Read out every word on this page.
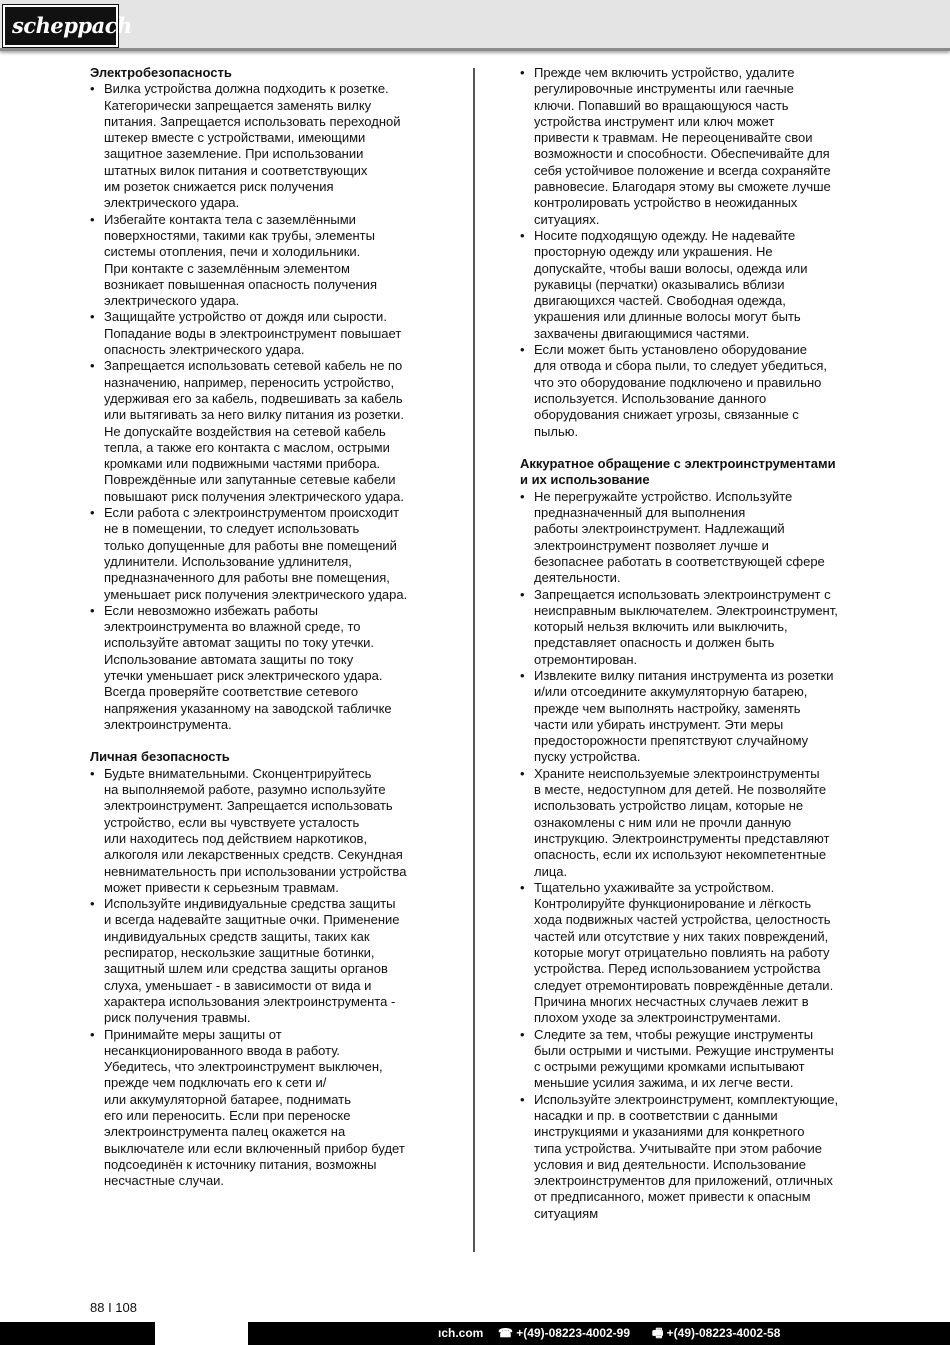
scheppach

Электробезопасность

• Вилка устройства должна подходить к розетке.
Категорически запрещается заменять вилку
питания. Запрещается использовать переходной
штекер вместе с устройствами, имеющими
защитное заземление. При использовании
штатных вилок питания и соответствующих
им розеток снижается риск получения
электрического удара.
• Избегайте контакта тела с заземлёнными
поверхностями, такими как трубы, элементы
системы отопления, печи и холодильники.
При контакте с заземлённым элементом
возникает повышенная опасность получения
электрического удара.
• Защищайте устройство от дождя или сырости.
Попадание воды в электроинструмент повышает
опасность электрического удара.
• Запрещается использовать сетевой кабель не по
назначению, например, переносить устройство,
удерживая его за кабель, подвешивать за кабель
или вытягивать за него вилку питания из розетки.
Не допускайте воздействия на сетевой кабель
тепла, а также его контакта с маслом, острыми
кромками или подвижными частями прибора.
Повреждённые или запутанные сетевые кабели
повышают риск получения электрического удара.
• Если работа с электроинструментом происходит
не в помещении, то следует использовать
только допущенные для работы вне помещений
удлинители. Использование удлинителя,
предназначенного для работы вне помещения,
уменьшает риск получения электрического удара.
• Если невозможно избежать работы
электроинструмента во влажной среде, то
используйте автомат защиты по току утечки.
Использование автомата защиты по току
утечки уменьшает риск электрического удара.
Всегда проверяйте соответствие сетевого
напряжения указанному на заводской табличке
электроинструмента.

Личная безопасность

• Будьте внимательными. Сконцентрируйтесь
на выполняемой работе, разумно используйте
электроинструмент. Запрещается использовать
устройство, если вы чувствуете усталость
или находитесь под действием наркотиков,
алкоголя или лекарственных средств. Секундная
невнимательность при использовании устройства
может привести к серьезным травмам.
• Используйте индивидуальные средства защиты
и всегда надевайте защитные очки. Применение
индивидуальных средств защиты, таких как
респиратор, нескользкие защитные ботинки,
защитный шлем или средства защиты органов
слуха, уменьшает - в зависимости от вида и
характера использования электроинструмента -
риск получения травмы.
• Принимайте меры защиты от
несанкционированного ввода в работу.
Убедитесь, что электроинструмент выключен,
прежде чем подключать его к сети и/
или аккумуляторной батарее, поднимать
его или переносить. Если при переноске
электроинструмента палец окажется на
выключателе или если включенный прибор будет
подсоединён к источнику питания, возможны
несчастные случаи.
• Прежде чем включить устройство, удалите
регулировочные инструменты или гаечные
ключи. Попавший во вращающуюся часть
устройства инструмент или ключ может
привести к травмам. Не переоценивайте свои
возможности и способности. Обеспечивайте для
себя устойчивое положение и всегда сохраняйте
равновесие. Благодаря этому вы сможете лучше
контролировать устройство в неожиданных
ситуациях.
• Носите подходящую одежду. Не надевайте
просторную одежду или украшения. Не
допускайте, чтобы ваши волосы, одежда или
рукавицы (перчатки) оказывались вблизи
двигающихся частей. Свободная одежда,
украшения или длинные волосы могут быть
захвачены двигающимися частями.
• Если может быть установлено оборудование
для отвода и сбора пыли, то следует убедиться,
что это оборудование подключено и правильно
используется. Использование данного
оборудования снижает угрозы, связанные с
пылью.

Аккуратное обращение с электроинструментами
и их использование

• Не перегружайте устройство. Используйте
предназначенный для выполнения
работы электроинструмент. Надлежащий
электроинструмент позволяет лучше и
безопаснее работать в соответствующей сфере
деятельности.
• Запрещается использовать электроинструмент с
неисправным выключателем. Электроинструмент,
который нельзя включить или выключить,
представляет опасность и должен быть
отремонтирован.
• Извлеките вилку питания инструмента из розетки
и/или отсоедините аккумуляторную батарею,
прежде чем выполнять настройку, заменять
части или убирать инструмент. Эти меры
предосторожности препятствуют случайному
пуску устройства.
• Храните неиспользуемые электроинструменты
в месте, недоступном для детей. Не позволяйте
использовать устройство лицам, которые не
ознакомлены с ним или не прочли данную
инструкцию. Электроинструменты представляют
опасность, если их используют некомпетентные
лица.
• Тщательно ухаживайте за устройством.
Контролируйте функционирование и лёгкость
хода подвижных частей устройства, целостность
частей или отсутствие у них таких повреждений,
которые могут отрицательно повлиять на работу
устройства. Перед использованием устройства
следует отремонтировать повреждённые детали.
Причина многих несчастных случаев лежит в
плохом уходе за электроинструментами.
• Следите за тем, чтобы режущие инструменты
были острыми и чистыми. Режущие инструменты
с острыми режущими кромками испытывают
меньшие усилия зажима, и их легче вести.
• Используйте электроинструмент, комплектующие,
насадки и пр. в соответствии с данными
инструкциями и указаниями для конкретного
типа устройства. Учитывайте при этом рабочие
условия и вид деятельности. Использование
электроинструментов для приложений, отличных
от предписанного, может привести к опасным
ситуациям
88 I 108
ıch.com ☎ +(49)-08223-4002-99 🖷 +(49)-08223-4002-58
